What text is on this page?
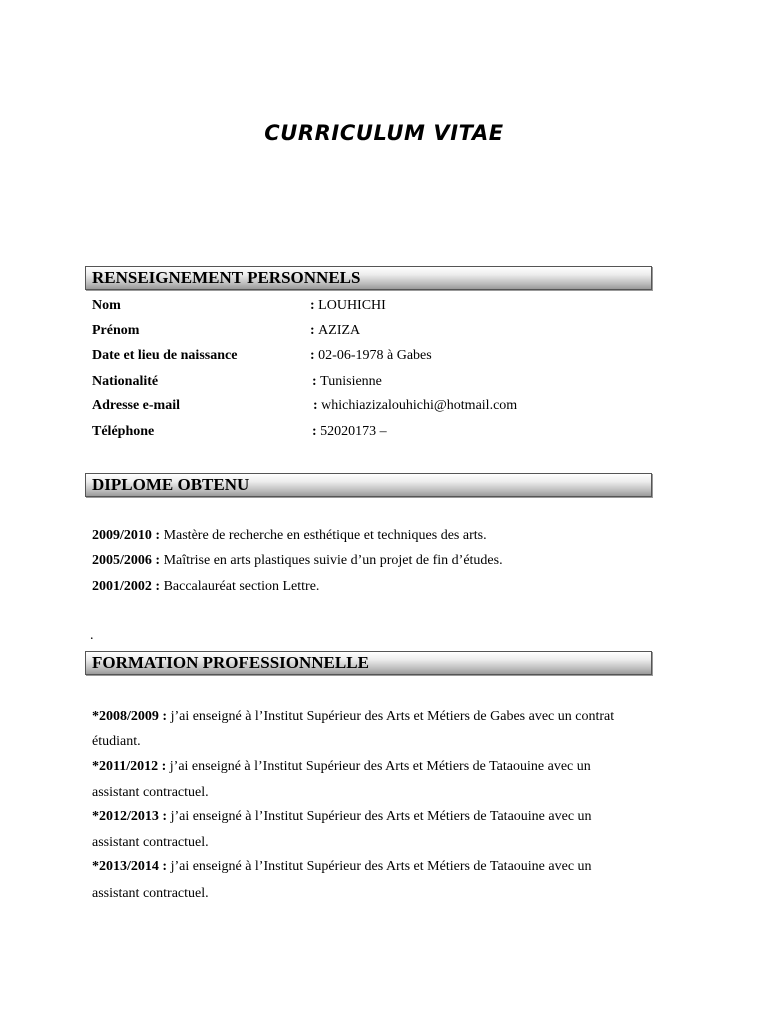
CURRICULUM VITAE
RENSEIGNEMENT PERSONNELS
Nom	: LOUHICHI
Prénom	: AZIZA
Date et lieu de naissance	: 02-06-1978 à Gabes
Nationalité	: Tunisienne
Adresse e-mail	: whichiazizalouhichi@hotmail.com
Téléphone	: 52020173 –
DIPLOME OBTENU
2009/2010 : Mastère de recherche en esthétique et techniques des arts.
2005/2006 : Maîtrise en arts plastiques suivie d’un projet de fin d’études.
2001/2002 : Baccalauréat section Lettre.
.
FORMATION PROFESSIONNELLE
*2008/2009 : j’ai enseigné à l’Institut Supérieur des Arts et Métiers de Gabes avec un contrat
étudiant.
*2011/2012 : j’ai enseigné à l’Institut Supérieur des Arts et Métiers de Tataouine avec un
assistant contractuel.
*2012/2013 : j’ai enseigné à l’Institut Supérieur des Arts et Métiers de Tataouine avec un
assistant contractuel.
*2013/2014 : j’ai enseigné à l’Institut Supérieur des Arts et Métiers de Tataouine avec un
assistant contractuel.
